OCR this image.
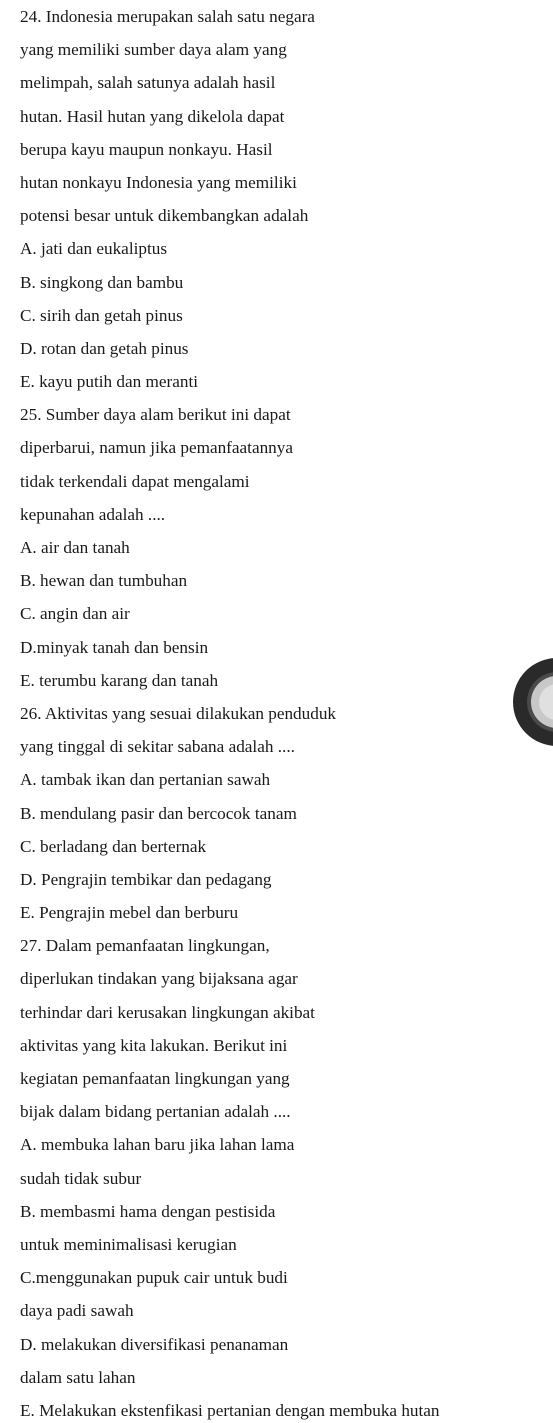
24. Indonesia merupakan salah satu negara
yang memiliki sumber daya alam yang
melimpah, salah satunya adalah hasil
hutan. Hasil hutan yang dikelola dapat
berupa kayu maupun nonkayu. Hasil
hutan nonkayu Indonesia yang memiliki
potensi besar untuk dikembangkan adalah
A. jati dan eukaliptus
B. singkong dan bambu
C. sirih dan getah pinus
D. rotan dan getah pinus
E. kayu putih dan meranti
25. Sumber daya alam berikut ini dapat
diperbarui, namun jika pemanfaatannya
tidak terkendali dapat mengalami
kepunahan adalah ....
A. air dan tanah
B. hewan dan tumbuhan
C. angin dan air
D.minyak tanah dan bensin
E. terumbu karang dan tanah
26. Aktivitas yang sesuai dilakukan penduduk
yang tinggal di sekitar sabana adalah ....
A. tambak ikan dan pertanian sawah
B. mendulang pasir dan bercocok tanam
C. berladang dan berternak
D. Pengrajin tembikar dan pedagang
E. Pengrajin mebel dan berburu
27. Dalam pemanfaatan lingkungan,
diperlukan tindakan yang bijaksana agar
terhindar dari kerusakan lingkungan akibat
aktivitas yang kita lakukan. Berikut ini
kegiatan pemanfaatan lingkungan yang
bijak dalam bidang pertanian adalah ....
A. membuka lahan baru jika lahan lama
sudah tidak subur
B. membasmi hama dengan pestisida
untuk meminimalisasi kerugian
C.menggunakan pupuk cair untuk budi
daya padi sawah
D. melakukan diversifikasi penanaman
dalam satu lahan
E. Melakukan ekstenfikasi pertanian dengan membuka hutan
